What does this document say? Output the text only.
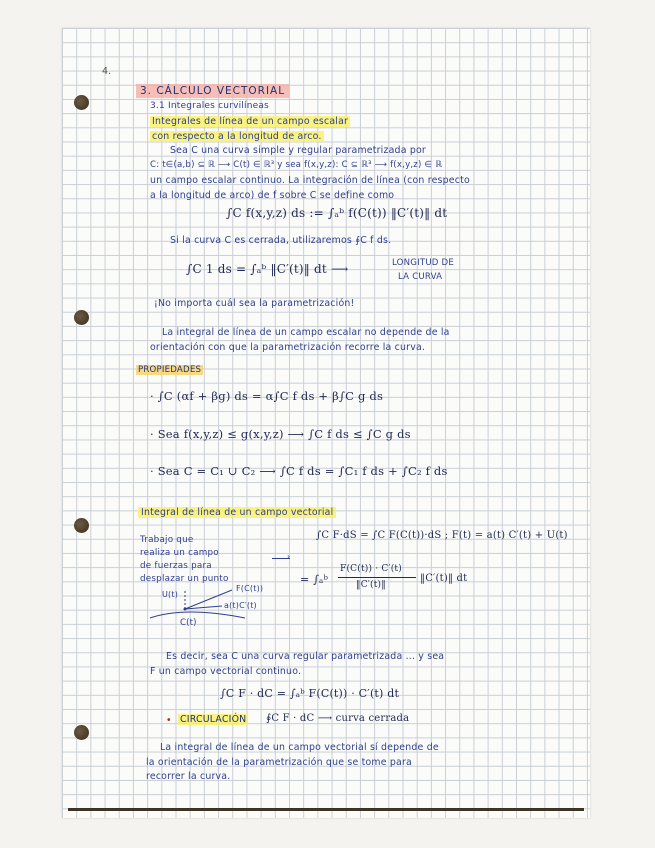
4.
3. CÁLCULO VECTORIAL
3.1 Integrales curvilíneas
Integrales de línea de un campo escalar
con respecto a la longitud de arco.
Sea C una curva simple y regular parametrizada por
C: t∈(a,b) ⊆ ℝ ⟶ C(t) ∈ ℝ³ y sea f(x,y,z): C ⊆ ℝ³ ⟶ f(x,y,z) ∈ ℝ
un campo escalar continuo. La integración de línea (con respecto
a la longitud de arco) de f sobre C se define como
∫C f(x,y,z) ds := ∫ₐᵇ f(C(t)) ‖C′(t)‖ dt
Si la curva C es cerrada, utilizaremos ∮C f ds.
∫C 1 ds = ∫ₐᵇ ‖C′(t)‖ dt ⟶	LONGITUD DE
LA CURVA
¡No importa cuál sea la parametrización!
La integral de línea de un campo escalar no depende de la
orientación con que la parametrización recorre la curva.
PROPIEDADES
· ∫C (αf + βg) ds = α∫C f ds + β∫C g ds
· Sea f(x,y,z) ≤ g(x,y,z) ⟶ ∫C f ds ≤ ∫C g ds
· Sea C = C₁ ∪ C₂ ⟶ ∫C f ds = ∫C₁ f ds + ∫C₂ f ds
Integral de línea de un campo vectorial
Trabajo que
realiza un campo
de fuerzas para
desplazar un punto
›
∫C F·dS = ∫C F(C(t))·dS ; F(t) = a(t) C′(t) + U(t)
= ∫ₐᵇ
F(C(t)) · C′(t)
‖C′(t)‖
‖C′(t)‖ dt
F(C(t))
U(t)
a(t)C′(t)
C(t)
Es decir, sea C una curva regular parametrizada ... y sea
F un campo vectorial continuo.
∫C F · dC = ∫ₐᵇ F(C(t)) · C′(t) dt
• CIRCULACIÓN ∮C F · dC ⟶ curva cerrada
La integral de línea de un campo vectorial sí depende de
la orientación de la parametrización que se tome para
recorrer la curva.
